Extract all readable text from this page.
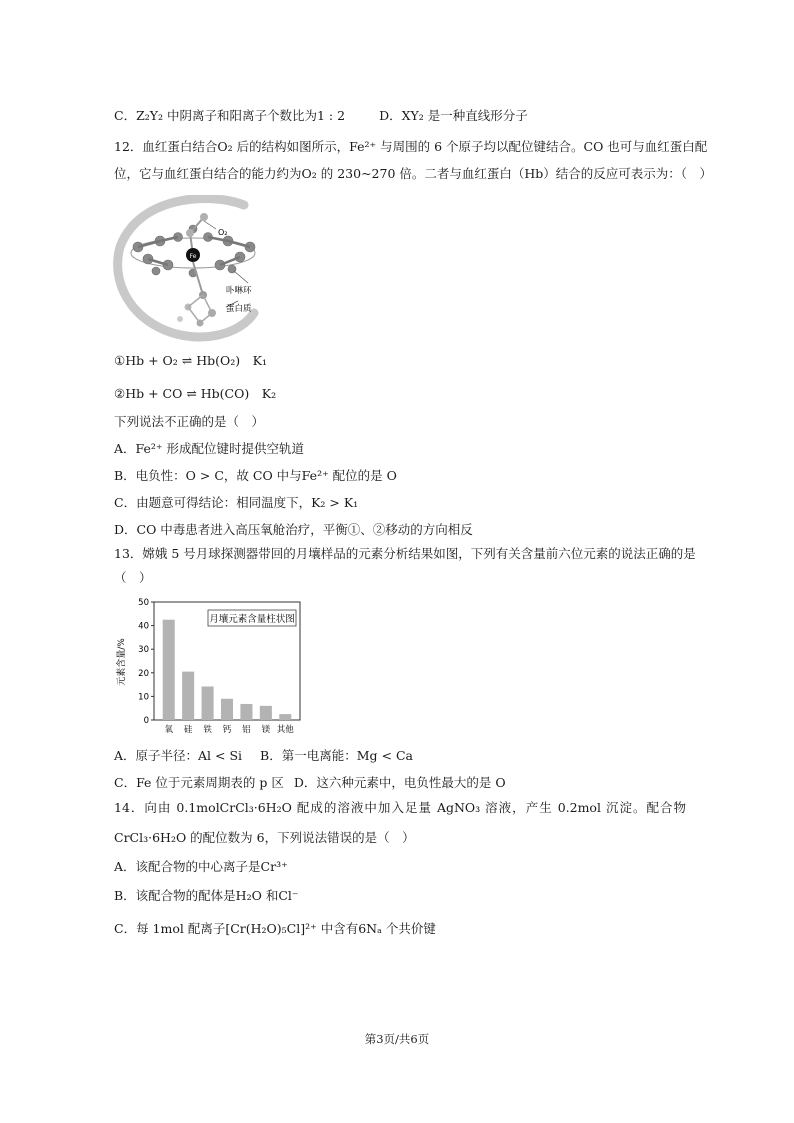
C．Z₂Y₂ 中阴离子和阳离子个数比为1 : 2	D．XY₂ 是一种直线形分子
12．血红蛋白结合O₂ 后的结构如图所示，Fe²⁺ 与周围的 6 个原子均以配位键结合。CO 也可与血红蛋白配
位，它与血红蛋白结合的能力约为O₂ 的 230~270 倍。二者与血红蛋白（Hb）结合的反应可表示为：（　）
O₂
Fe
卟啉环
蛋白质
①Hb + O₂ ⇌ Hb(O₂)　K₁
②Hb + CO ⇌ Hb(CO)　K₂
下列说法不正确的是（　）
A．Fe²⁺ 形成配位键时提供空轨道
B．电负性：O > C，故 CO 中与Fe²⁺ 配位的是 O
C．由题意可得结论：相同温度下，K₂ > K₁
D．CO 中毒患者进入高压氧舱治疗，平衡①、②移动的方向相反
13．嫦娥 5 号月球探测器带回的月壤样品的元素分析结果如图，下列有关含量前六位元素的说法正确的是
（　）
元素含量/%
月壤元素含量柱状图
0
10
20
30
40
50
氧 硅 铁 钙 铝 镁 其他
A．原子半径：Al < Si B．第一电离能：Mg < Ca
C．Fe 位于元素周期表的 p 区 D．这六种元素中，电负性最大的是 O
14．向由 0.1molCrCl₃·6H₂O 配成的溶液中加入足量 AgNO₃ 溶液，产生 0.2mol 沉淀。配合物
CrCl₃·6H₂O 的配位数为 6，下列说法错误的是（　）
A．该配合物的中心离子是Cr³⁺
B．该配合物的配体是H₂O 和Cl⁻
C．每 1mol 配离子[Cr(H₂O)₅Cl]²⁺ 中含有6Nₐ 个共价键
第3页/共6页
